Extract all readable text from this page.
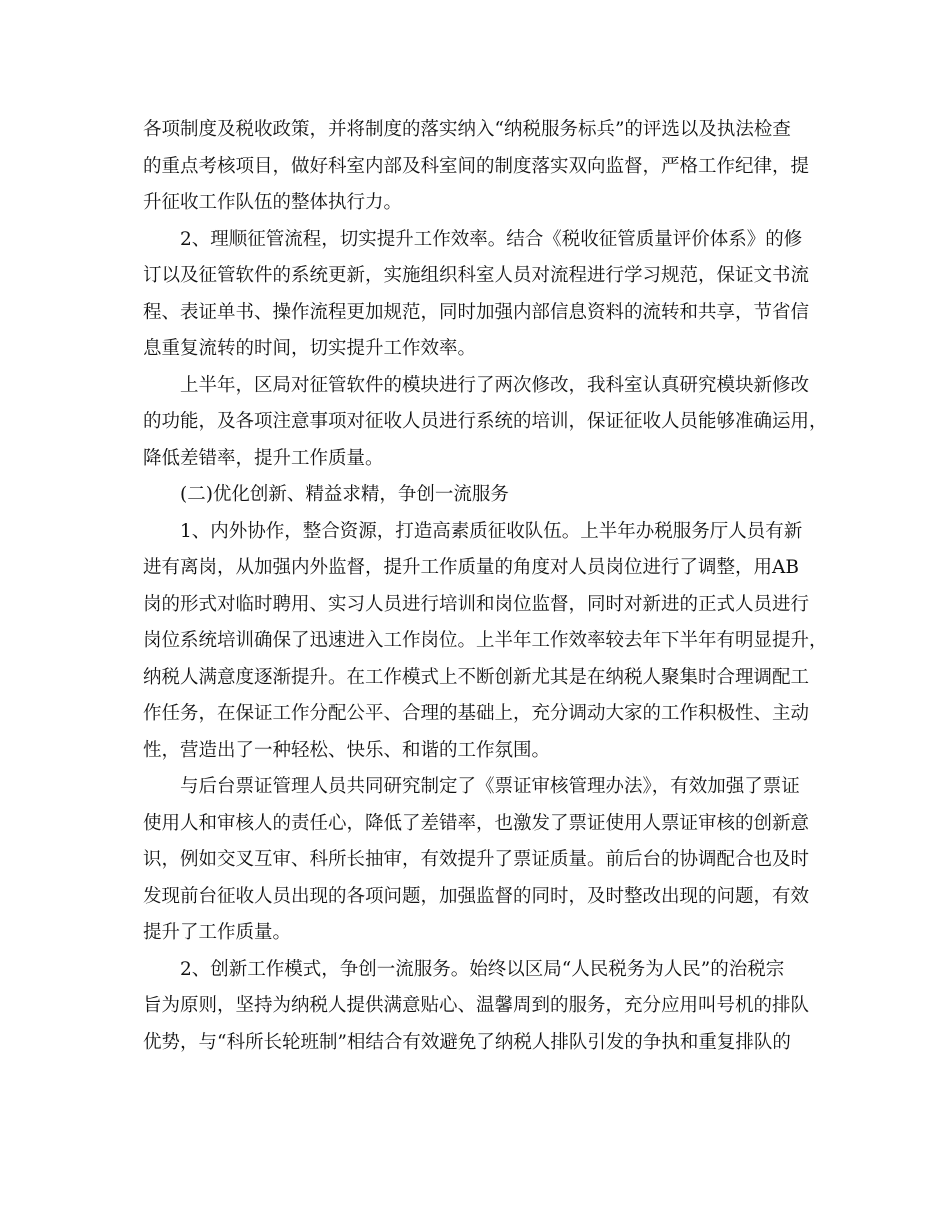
各项制度及税收政策，并将制度的落实纳入“纳税服务标兵”的评选以及执法检查
的重点考核项目，做好科室内部及科室间的制度落实双向监督，严格工作纪律，提
升征收工作队伍的整体执行力。
2、理顺征管流程，切实提升工作效率。结合《税收征管质量评价体系》的修
订以及征管软件的系统更新，实施组织科室人员对流程进行学习规范，保证文书流
程、表证单书、操作流程更加规范，同时加强内部信息资料的流转和共享，节省信
息重复流转的时间，切实提升工作效率。
上半年，区局对征管软件的模块进行了两次修改，我科室认真研究模块新修改
的功能，及各项注意事项对征收人员进行系统的培训，保证征收人员能够准确运用，
降低差错率，提升工作质量。
(二)优化创新、精益求精，争创一流服务
1、内外协作，整合资源，打造高素质征收队伍。上半年办税服务厅人员有新
进有离岗，从加强内外监督，提升工作质量的角度对人员岗位进行了调整，用AB
岗的形式对临时聘用、实习人员进行培训和岗位监督，同时对新进的正式人员进行
岗位系统培训确保了迅速进入工作岗位。上半年工作效率较去年下半年有明显提升，
纳税人满意度逐渐提升。在工作模式上不断创新尤其是在纳税人聚集时合理调配工
作任务，在保证工作分配公平、合理的基础上，充分调动大家的工作积极性、主动
性，营造出了一种轻松、快乐、和谐的工作氛围。
与后台票证管理人员共同研究制定了《票证审核管理办法》，有效加强了票证
使用人和审核人的责任心，降低了差错率，也激发了票证使用人票证审核的创新意
识，例如交叉互审、科所长抽审，有效提升了票证质量。前后台的协调配合也及时
发现前台征收人员出现的各项问题，加强监督的同时，及时整改出现的问题，有效
提升了工作质量。
2、创新工作模式，争创一流服务。始终以区局“人民税务为人民”的治税宗
旨为原则，坚持为纳税人提供满意贴心、温馨周到的服务，充分应用叫号机的排队
优势，与“科所长轮班制”相结合有效避免了纳税人排队引发的争执和重复排队的
